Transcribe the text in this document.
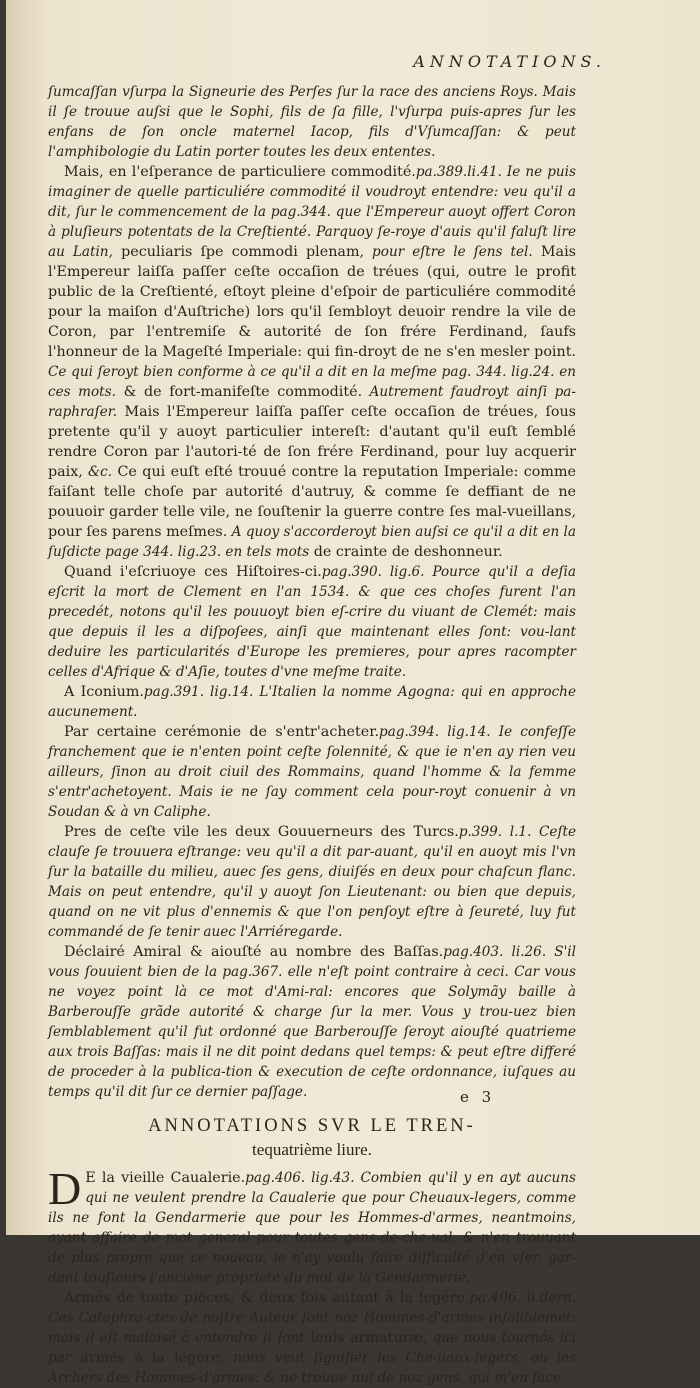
ANNOTATIONS.

ſumcaſſan vſurpa la Signeurie des Perſes ſur la race des anciens Roys. Mais il ſe trouue auſsi que le Sophi, fils de ſa fille, l'vſurpa puis-apres ſur les enfans de ſon oncle maternel Iacop, fils d'Vſumcaſſan: & peut l'amphibologie du Latin porter toutes les deux ententes.

Mais, en l'eſperance de particuliere commodité.pa.389.li.41. Ie ne puis imaginer de quelle particuliére commodité il voudroyt entendre: veu qu'il a dit, ſur le commencement de la pag.344. que l'Empereur auoyt offert Coron à pluſieurs potentats de la Creſtienté. Parquoy ſe-roye d'auis qu'il faluſt lire au Latin, peculiaris ſpe commodi plenam, pour eſtre le ſens tel. Mais l'Empereur laiſſa paſſer ceſte occaſion de tréues (qui, outre le profit public de la Creſtienté, eſtoyt pleine d'eſpoir de particuliére commodité pour la maiſon d'Auſtriche) lors qu'il ſembloyt deuoir rendre la vile de Coron, par l'entremiſe & autorité de ſon frére Ferdinand, ſaufs l'honneur de la Mageſté Imperiale: qui fin-droyt de ne s'en mesler point. Ce qui ſeroyt bien conforme à ce qu'il a dit en la meſme pag. 344. lig.24. en ces mots. & de fort-manifeſte commodité. Autrement faudroyt ainſi pa-raphraſer. Mais l'Empereur laiſſa paſſer ceſte occaſion de tréues, ſous pretente qu'il y auoyt particulier intereſt: d'autant qu'il euſt ſemblé rendre Coron par l'autori-té de ſon frére Ferdinand, pour luy acquerir paix, &c. Ce qui euſt eſté trouué contre la reputation Imperiale: comme faiſant telle choſe par autorité d'autruy, & comme ſe deffiant de ne pouuoir garder telle vile, ne ſouſtenir la guerre contre ſes mal-vueillans, pour ſes parens meſmes. A quoy s'accorderoyt bien auſsi ce qu'il a dit en la ſuſdicte page 344. lig.23. en tels mots de crainte de deshonneur.

Quand i'eſcriuoye ces Hiſtoires-ci.pag.390. lig.6. Pource qu'il a deſia eſcrit la mort de Clement en l'an 1534. & que ces choſes furent l'an precedét, notons qu'il les pouuoyt bien eſ-crire du viuant de Clemét: mais que depuis il les a diſpoſees, ainſi que maintenant elles ſont: vou-lant deduire les particularités d'Europe les premieres, pour apres racompter celles d'Afrique & d'Aſie, toutes d'vne meſme traite.

A Iconium.pag.391. lig.14. L'Italien la nomme Agogna: qui en approche aucunement.

Par certaine cerémonie de s'entr'acheter.pag.394. lig.14. Ie confeſſe franchement que ie n'enten point ceſte ſolennité, & que ie n'en ay rien veu ailleurs, ſinon au droit ciuil des Rommains, quand l'homme & la femme s'entr'achetoyent. Mais ie ne ſay comment cela pour-royt conuenir à vn Soudan & à vn Caliphe.

Pres de ceſte vile les deux Gouuerneurs des Turcs.p.399. l.1. Ceſte clauſe ſe trouuera eſtrange: veu qu'il a dit par-auant, qu'il en auoyt mis l'vn ſur la bataille du milieu, auec ſes gens, diuiſés en deux pour chaſcun flanc. Mais on peut entendre, qu'il y auoyt ſon Lieutenant: ou bien que depuis, quand on ne vit plus d'ennemis & que l'on penſoyt eſtre à ſeureté, luy fut commandé de ſe tenir auec l'Arriéregarde.

Déclairé Amiral & aiouſté au nombre des Baſſas.pag.403. li.26. S'il vous ſouuient bien de la pag.367. elle n'eſt point contraire à ceci. Car vous ne voyez point là ce mot d'Ami-ral: encores que Solymãy baille à Barberouſſe grãde autorité & charge ſur la mer. Vous y trou-uez bien ſemblablement qu'il fut ordonné que Barberouſſe ſeroyt aiouſté quatrieme aux trois Baſſas: mais il ne dit point dedans quel temps: & peut eſtre differé de proceder à la publica-tion & execution de ceſte ordonnance, iuſques au temps qu'il dit ſur ce dernier paſſage.

ANNOTATIONS SVR LE TREN-
tequatrième liure.

D E la vieille Caualerie.pag.406. lig.43. Combien qu'il y en ayt aucuns qui ne veulent prendre la Caualerie que pour Cheuaux-legers, comme ils ne font la Gendarmerie que pour les Hommes-d'armes, neantmoins, ayant affaire de mot general pour toutes gens-de-che-ual, & n'en trouuant de plus propre que ce noueau, ie n'ay voulu faire difficulté d'en vſer, gar-dant touſiours l'anciéne proprieté du mot de la Gendarmerie.

Armés de toute piéces, & deux fois autant à la legére.pa.406. li.dern. Ces Cataphra-ctes de noſtre Auteur ſont noz Hommes-d'armes infaliblemét: mais il eſt malaisé à entendre ſi ſont leuis armaturæ, que nous tournós ici par armés à la legére, nous veut ſignifier les Che-uaux-legers, ou les Archers des Hommes-d'armes: & ne trouue nul de noz gens, qui m'en face

e 3
